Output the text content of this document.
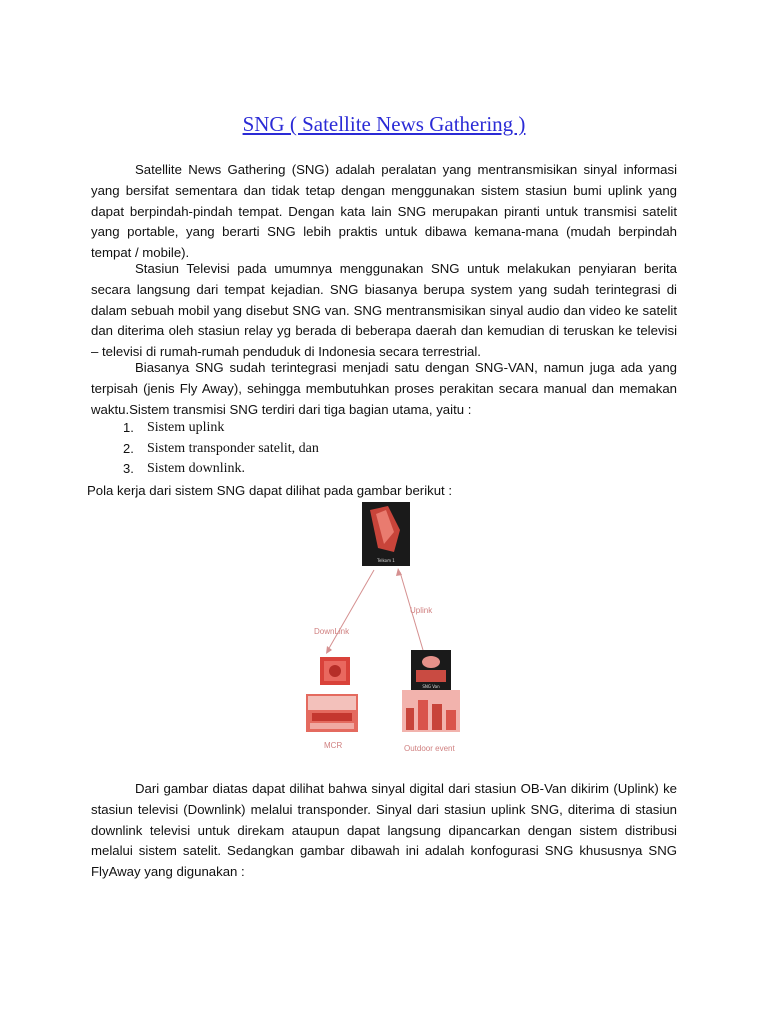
SNG ( Satellite News Gathering )

Satellite News Gathering (SNG) adalah peralatan yang mentransmisikan sinyal informasi yang bersifat sementara dan tidak tetap dengan menggunakan sistem stasiun bumi uplink yang dapat berpindah-pindah tempat. Dengan kata lain SNG merupakan piranti untuk transmisi satelit yang portable, yang berarti SNG lebih praktis untuk dibawa kemana-mana (mudah berpindah tempat / mobile).

Stasiun Televisi pada umumnya menggunakan SNG untuk melakukan penyiaran berita secara langsung dari tempat kejadian. SNG biasanya berupa system yang sudah terintegrasi di dalam sebuah mobil yang disebut SNG van. SNG mentransmisikan sinyal audio dan video ke satelit dan diterima oleh stasiun relay yg berada di beberapa daerah dan kemudian di teruskan ke televisi – televisi di rumah-rumah penduduk di Indonesia secara terrestrial.

Biasanya SNG sudah terintegrasi menjadi satu dengan SNG-VAN, namun juga ada yang terpisah (jenis Fly Away), sehingga membutuhkan proses perakitan secara manual dan memakan waktu.Sistem transmisi SNG terdiri dari tiga bagian utama, yaitu :

1. Sistem uplink
2. Sistem transponder satelit, dan
3. Sistem downlink.

Pola kerja dari sistem SNG dapat dilihat pada gambar berikut :

Telkom 1
DownLink
Uplink
SNG Van
MCR	Outdoor event

Dari gambar diatas dapat dilihat bahwa sinyal digital dari stasiun OB-Van dikirim (Uplink) ke stasiun televisi (Downlink) melalui transponder. Sinyal dari stasiun uplink SNG, diterima di stasiun downlink televisi untuk direkam ataupun dapat langsung dipancarkan dengan sistem distribusi melalui sistem satelit. Sedangkan gambar dibawah ini adalah konfogurasi SNG khususnya SNG FlyAway yang digunakan :
